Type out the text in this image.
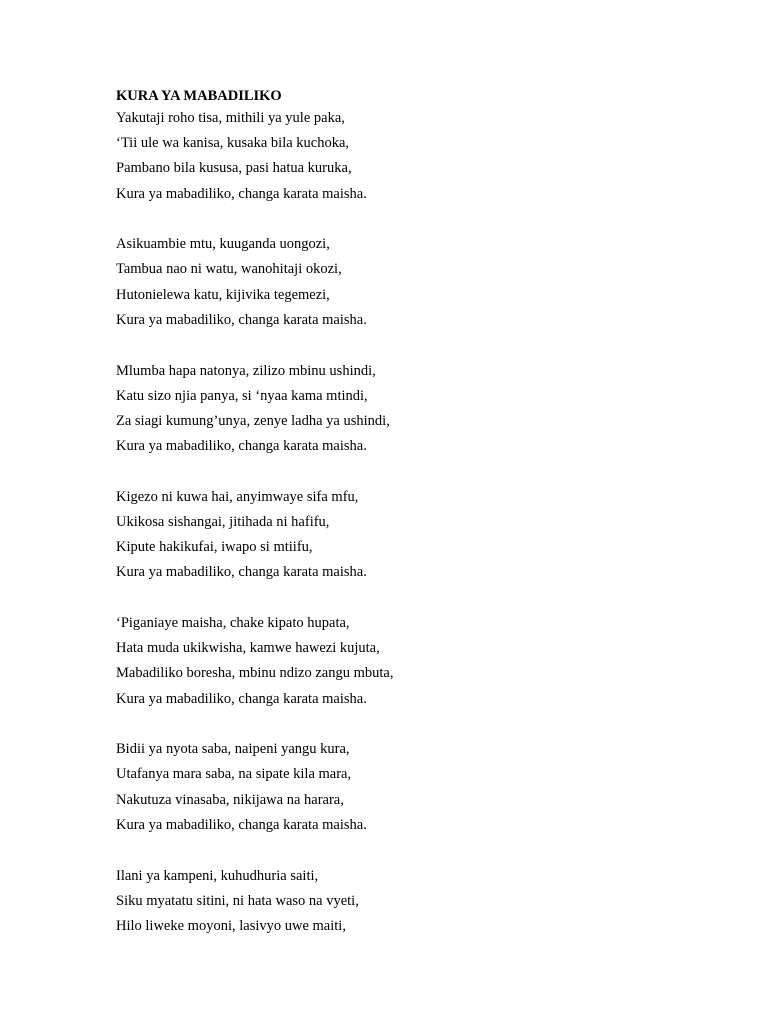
KURA YA MABADILIKO

Yakutaji roho tisa, mithili ya yule paka,

‘Tii ule wa kanisa, kusaka bila kuchoka,

Pambano bila kususa, pasi hatua kuruka,

Kura ya mabadiliko, changa karata maisha.

Asikuambie mtu, kuuganda uongozi,

Tambua nao ni watu, wanohitaji okozi,

Hutonielewa katu, kijivika tegemezi,

Kura ya mabadiliko, changa karata maisha.

Mlumba hapa natonya, zilizo mbinu ushindi,

Katu sizo njia panya, si ‘nyaa kama mtindi,

Za siagi kumung’unya, zenye ladha ya ushindi,

Kura ya mabadiliko, changa karata maisha.

Kigezo ni kuwa hai, anyimwaye sifa mfu,

Ukikosa sishangai, jitihada ni hafifu,

Kipute hakikufai, iwapo si mtiifu,

Kura ya mabadiliko, changa karata maisha.

‘Piganiaye maisha, chake kipato hupata,

Hata muda ukikwisha, kamwe hawezi kujuta,

Mabadiliko boresha, mbinu ndizo zangu mbuta,

Kura ya mabadiliko, changa karata maisha.

Bidii ya nyota saba, naipeni yangu kura,

Utafanya mara saba, na sipate kila mara,

Nakutuza vinasaba, nikijawa na harara,

Kura ya mabadiliko, changa karata maisha.

Ilani ya kampeni, kuhudhuria saiti,

Siku myatatu sitini, ni hata waso na vyeti,

Hilo liweke moyoni, lasivyo uwe maiti,
